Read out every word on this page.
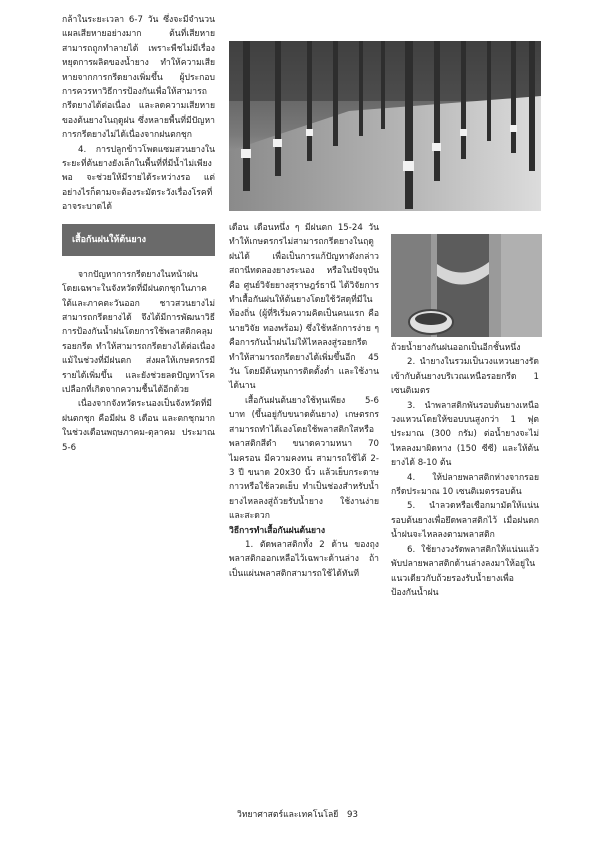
กล้าในระยะเวลา 6-7 วัน ซึ่งจะมีจำนวนแผลเสียหายอย่างมาก ต้นที่เสียหายสามารถถูกทำลายได้ เพราะพืชไม่มีเรื่องหยุดการผลิตของน้ำยาง ทำให้ความเสียหายจากการกรีดยางเพิ่มขึ้น ผู้ประกอบการควรหาวิธีการป้องกันเพื่อให้สามารถกรีดยางได้ต่อเนื่อง และลดความเสียหายของต้นยางในฤดูฝน ซึ่งหลายพื้นที่มีปัญหาการกรีดยางไม่ได้เนื่องจากฝนตกชุก

4. การปลูกข้าวโพดแซมสวนยางในระยะที่ต้นยางยังเล็กในพื้นที่ที่มีน้ำไม่เพียงพอ จะช่วยให้มีรายได้ระหว่างรอ แต่อย่างไรก็ตามจะต้องระมัดระวังเรื่องโรคที่อาจระบาดได้

เสื้อกันฝนให้ต้นยาง

จากปัญหาการกรีดยางในหน้าฝน โดยเฉพาะในจังหวัดที่มีฝนตกชุกในภาคใต้และภาคตะวันออก ชาวสวนยางไม่สามารถกรีดยางได้ จึงได้มีการพัฒนาวิธีการป้องกันน้ำฝนโดยการใช้พลาสติกคลุมรอยกรีด ทำให้สามารถกรีดยางได้ต่อเนื่อง แม้ในช่วงที่มีฝนตก ส่งผลให้เกษตรกรมีรายได้เพิ่มขึ้น และยังช่วยลดปัญหาโรคเปลือกที่เกิดจากความชื้นได้อีกด้วย

เนื่องจากจังหวัดระนองเป็นจังหวัดที่มีฝนตกชุก คือมีฝน 8 เดือน และตกชุกมากในช่วงเดือนพฤษภาคม-ตุลาคม ประมาณ 5-6

เดือน เดือนหนึ่ง ๆ มีฝนตก 15-24 วัน ทำให้เกษตรกรไม่สามารถกรีดยางในฤดูฝนได้ เพื่อเป็นการแก้ปัญหาดังกล่าว สถานีทดลองยางระนอง หรือในปัจจุบัน คือ ศูนย์วิจัยยางสุราษฎร์ธานี ได้วิจัยการทำเสื้อกันฝนให้ต้นยางโดยใช้วัสดุที่มีในท้องถิ่น (ผู้ที่ริเริ่มความคิดเป็นคนแรก คือ นายวิจัย ทองพร้อม) ซึ่งใช้หลักการง่าย ๆ คือการกันน้ำฝนไม่ให้ไหลลงสู่รอยกรีด ทำให้สามารถกรีดยางได้เพิ่มขึ้นอีก 45 วัน โดยมีต้นทุนการติดตั้งต่ำ และใช้งานได้นาน

เสื้อกันฝนต้นยางใช้ทุนเพียง 5-6 บาท (ขึ้นอยู่กับขนาดต้นยาง) เกษตรกรสามารถทำได้เองโดยใช้พลาสติกใสหรือพลาสติกสีดำ ขนาดความหนา 70 ไมครอน มีความคงทน สามารถใช้ได้ 2-3 ปี ขนาด 20x30 นิ้ว แล้วเย็บกระดาษกาวหรือใช้ลวดเย็บ ทำเป็นช่องสำหรับน้ำยางไหลลงสู่ถ้วยรับน้ำยาง ใช้งานง่ายและสะดวก

วิธีการทำเสื้อกันฝนต้นยาง

1. ตัดพลาสติกทั้ง 2 ด้าน ของถุงพลาสติกออกเหลือไว้เฉพาะด้านล่าง ถ้าเป็นแผ่นพลาสติกสามารถใช้ได้ทันที

ถ้วยน้ำยางกันฝนออกเป็นอีกชั้นหนึ่ง

2. นำยางในรวมเป็นวงแหวนยางรัดเข้ากับต้นยางบริเวณเหนือรอยกรีด 1 เซนติเมตร

3. นำพลาสติกพันรอบต้นยางเหนือวงแหวนโดยให้ขอบบนสูงกว่า 1 ฟุต ประมาณ (300 กรัม) ต่อน้ำยางจะไม่ไหลลงมาผิดทาง (150 ซีซี) และให้ต้นยางได้ 8-10 ต้น

4. ให้ปลายพลาสติกห่างจากรอยกรีดประมาณ 10 เซนติเมตรรอบต้น

5. นำลวดหรือเชือกมามัดให้แน่นรอบต้นยางเพื่อยึดพลาสติกไว้ เมื่อฝนตกน้ำฝนจะไหลลงตามพลาสติก

6. ใช้ยางวงรัดพลาสติกให้แน่นแล้วพับปลายพลาสติกด้านล่างลงมาให้อยู่ในแนวเดียวกับถ้วยรองรับน้ำยางเพื่อป้องกันน้ำฝน

วิทยาศาสตร์และเทคโนโลยี 93
